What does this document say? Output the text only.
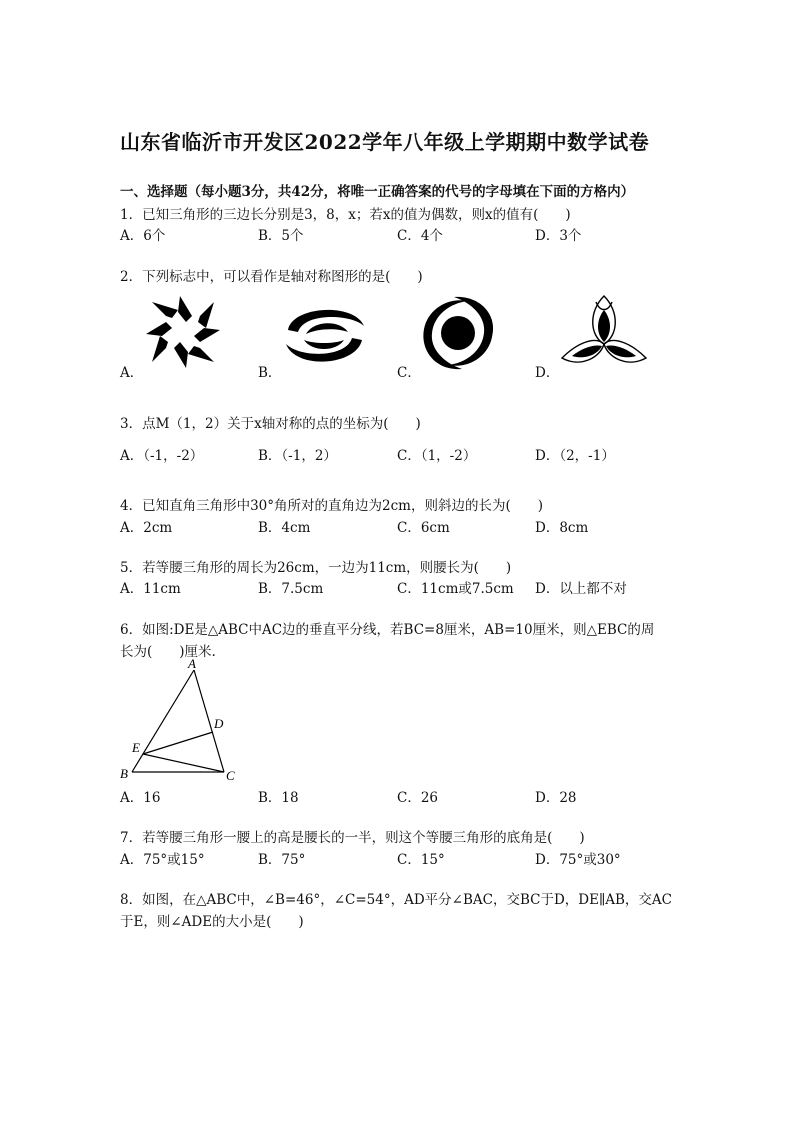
山东省临沂市开发区2022学年八年级上学期期中数学试卷
一、选择题（每小题3分，共42分，将唯一正确答案的代号的字母填在下面的方格内）
1．已知三角形的三边长分别是3，8，x；若x的值为偶数，则x的值有(　　)
A．6个	B．5个	C．4个	D．3个
2．下列标志中，可以看作是轴对称图形的是(　　)
A．	B．	C．	D．
3．点M（1，2）关于x轴对称的点的坐标为(　　)
A．（-1，-2）	B．（-1，2）	C．（1，-2）	D．（2，-1）
4．已知直角三角形中30°角所对的直角边为2cm，则斜边的长为(　　)
A．2cm	B．4cm	C．6cm	D．8cm
5．若等腰三角形的周长为26cm，一边为11cm，则腰长为(　　)
A．11cm	B．7.5cm	C．11cm或7.5cm D．以上都不对
6．如图:DE是△ABC中AC边的垂直平分线，若BC=8厘米，AB=10厘米，则△EBC的周
长为(　　)厘米.
A
D
E
B	C
A．16	B．18	C．26	D．28
7．若等腰三角形一腰上的高是腰长的一半，则这个等腰三角形的底角是(　　)
A．75°或15°	B．75°	C．15°	D．75°或30°
8．如图，在△ABC中，∠B=46°，∠C=54°，AD平分∠BAC，交BC于D，DE∥AB，交AC
于E，则∠ADE的大小是(　　)
